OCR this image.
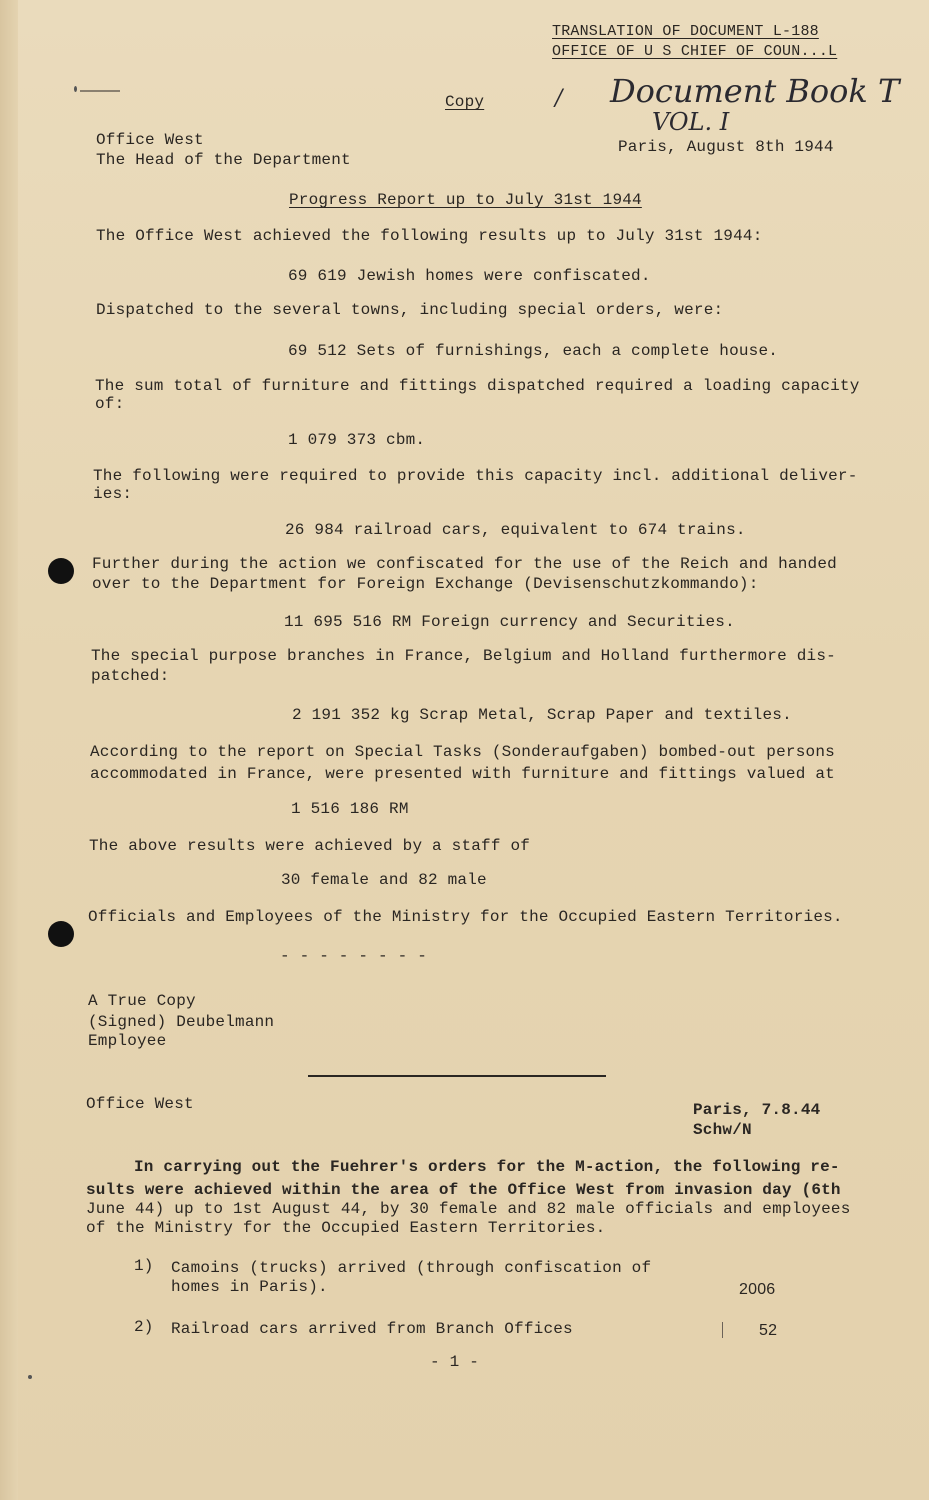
TRANSLATION OF DOCUMENT L-188
OFFICE OF U S CHIEF OF COUN...L
Document Book T
VOL. I
/
Copy
Office West
The Head of the Department
Paris, August 8th 1944
Progress Report up to July 31st 1944
The Office West achieved the following results up to July 31st 1944:
69 619 Jewish homes were confiscated.
Dispatched to the several towns, including special orders, were:
69 512 Sets of furnishings, each a complete house.
The sum total of furniture and fittings dispatched required a loading capacity
of:
1 079 373 cbm.
The following were required to provide this capacity incl. additional deliver-
ies:
26 984 railroad cars, equivalent to 674 trains.
Further during the action we confiscated for the use of the Reich and handed
over to the Department for Foreign Exchange (Devisenschutzkommando):
11 695 516 RM Foreign currency and Securities.
The special purpose branches in France, Belgium and Holland furthermore dis-
patched:
2 191 352 kg Scrap Metal, Scrap Paper and textiles.
According to the report on Special Tasks (Sonderaufgaben) bombed-out persons
accommodated in France, were presented with furniture and fittings valued at
1 516 186 RM
The above results were achieved by a staff of
30 female and 82 male
Officials and Employees of the Ministry for the Occupied Eastern Territories.
- - - - - - - -
A True Copy
(Signed) Deubelmann
Employee
Office West	Paris, 7.8.44
Schw/N
In carrying out the Fuehrer's orders for the M-action, the following re-
sults were achieved within the area of the Office West from invasion day (6th
June 44) up to 1st August 44, by 30 female and 82 male officials and employees
of the Ministry for the Occupied Eastern Territories.
1) Camoins (trucks) arrived (through confiscation of
homes in Paris).	2006
2) Railroad cars arrived from Branch Offices	52
- 1 -
